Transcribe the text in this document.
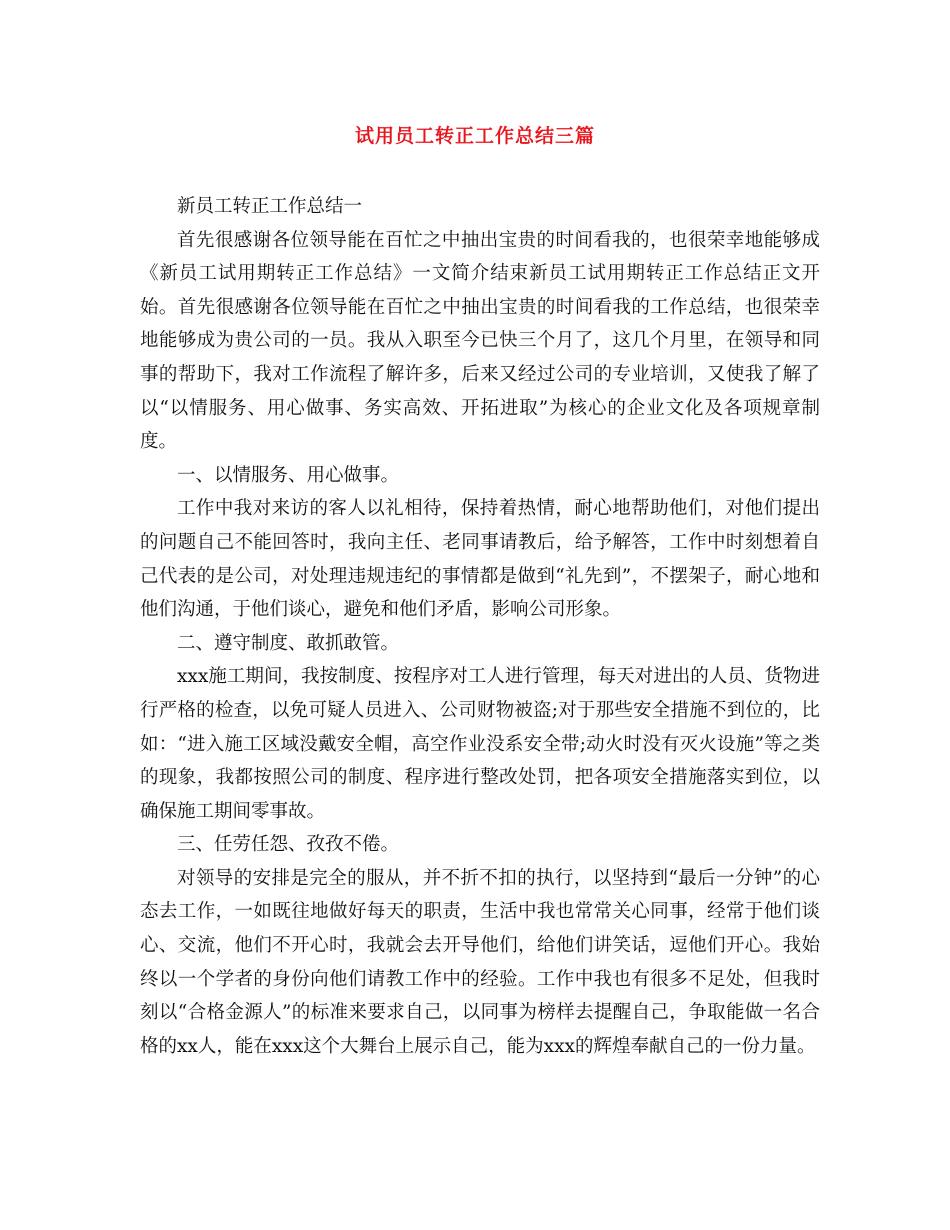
试用员工转正工作总结三篇

新员工转正工作总结一

首先很感谢各位领导能在百忙之中抽出宝贵的时间看我的，也很荣幸地能够成《新员工试用期转正工作总结》一文简介结束新员工试用期转正工作总结正文开始。首先很感谢各位领导能在百忙之中抽出宝贵的时间看我的工作总结，也很荣幸地能够成为贵公司的一员。我从入职至今已快三个月了，这几个月里，在领导和同事的帮助下，我对工作流程了解许多，后来又经过公司的专业培训，又使我了解了以“以情服务、用心做事、务实高效、开拓进取”为核心的企业文化及各项规章制度。

一、以情服务、用心做事。

工作中我对来访的客人以礼相待，保持着热情，耐心地帮助他们，对他们提出的问题自己不能回答时，我向主任、老同事请教后，给予解答，工作中时刻想着自己代表的是公司，对处理违规违纪的事情都是做到“礼先到”，不摆架子，耐心地和他们沟通，于他们谈心，避免和他们矛盾，影响公司形象。

二、遵守制度、敢抓敢管。

xxx施工期间，我按制度、按程序对工人进行管理，每天对进出的人员、货物进行严格的检查，以免可疑人员进入、公司财物被盗;对于那些安全措施不到位的，比如：“进入施工区域没戴安全帽，高空作业没系安全带;动火时没有灭火设施”等之类的现象，我都按照公司的制度、程序进行整改处罚，把各项安全措施落实到位，以确保施工期间零事故。

三、任劳任怨、孜孜不倦。

对领导的安排是完全的服从，并不折不扣的执行，以坚持到“最后一分钟”的心态去工作，一如既往地做好每天的职责，生活中我也常常关心同事，经常于他们谈心、交流，他们不开心时，我就会去开导他们，给他们讲笑话，逗他们开心。我始终以一个学者的身份向他们请教工作中的经验。工作中我也有很多不足处，但我时刻以“合格金源人”的标准来要求自己，以同事为榜样去提醒自己，争取能做一名合格的xx人，能在xxx这个大舞台上展示自己，能为xxx的辉煌奉献自己的一份力量。
